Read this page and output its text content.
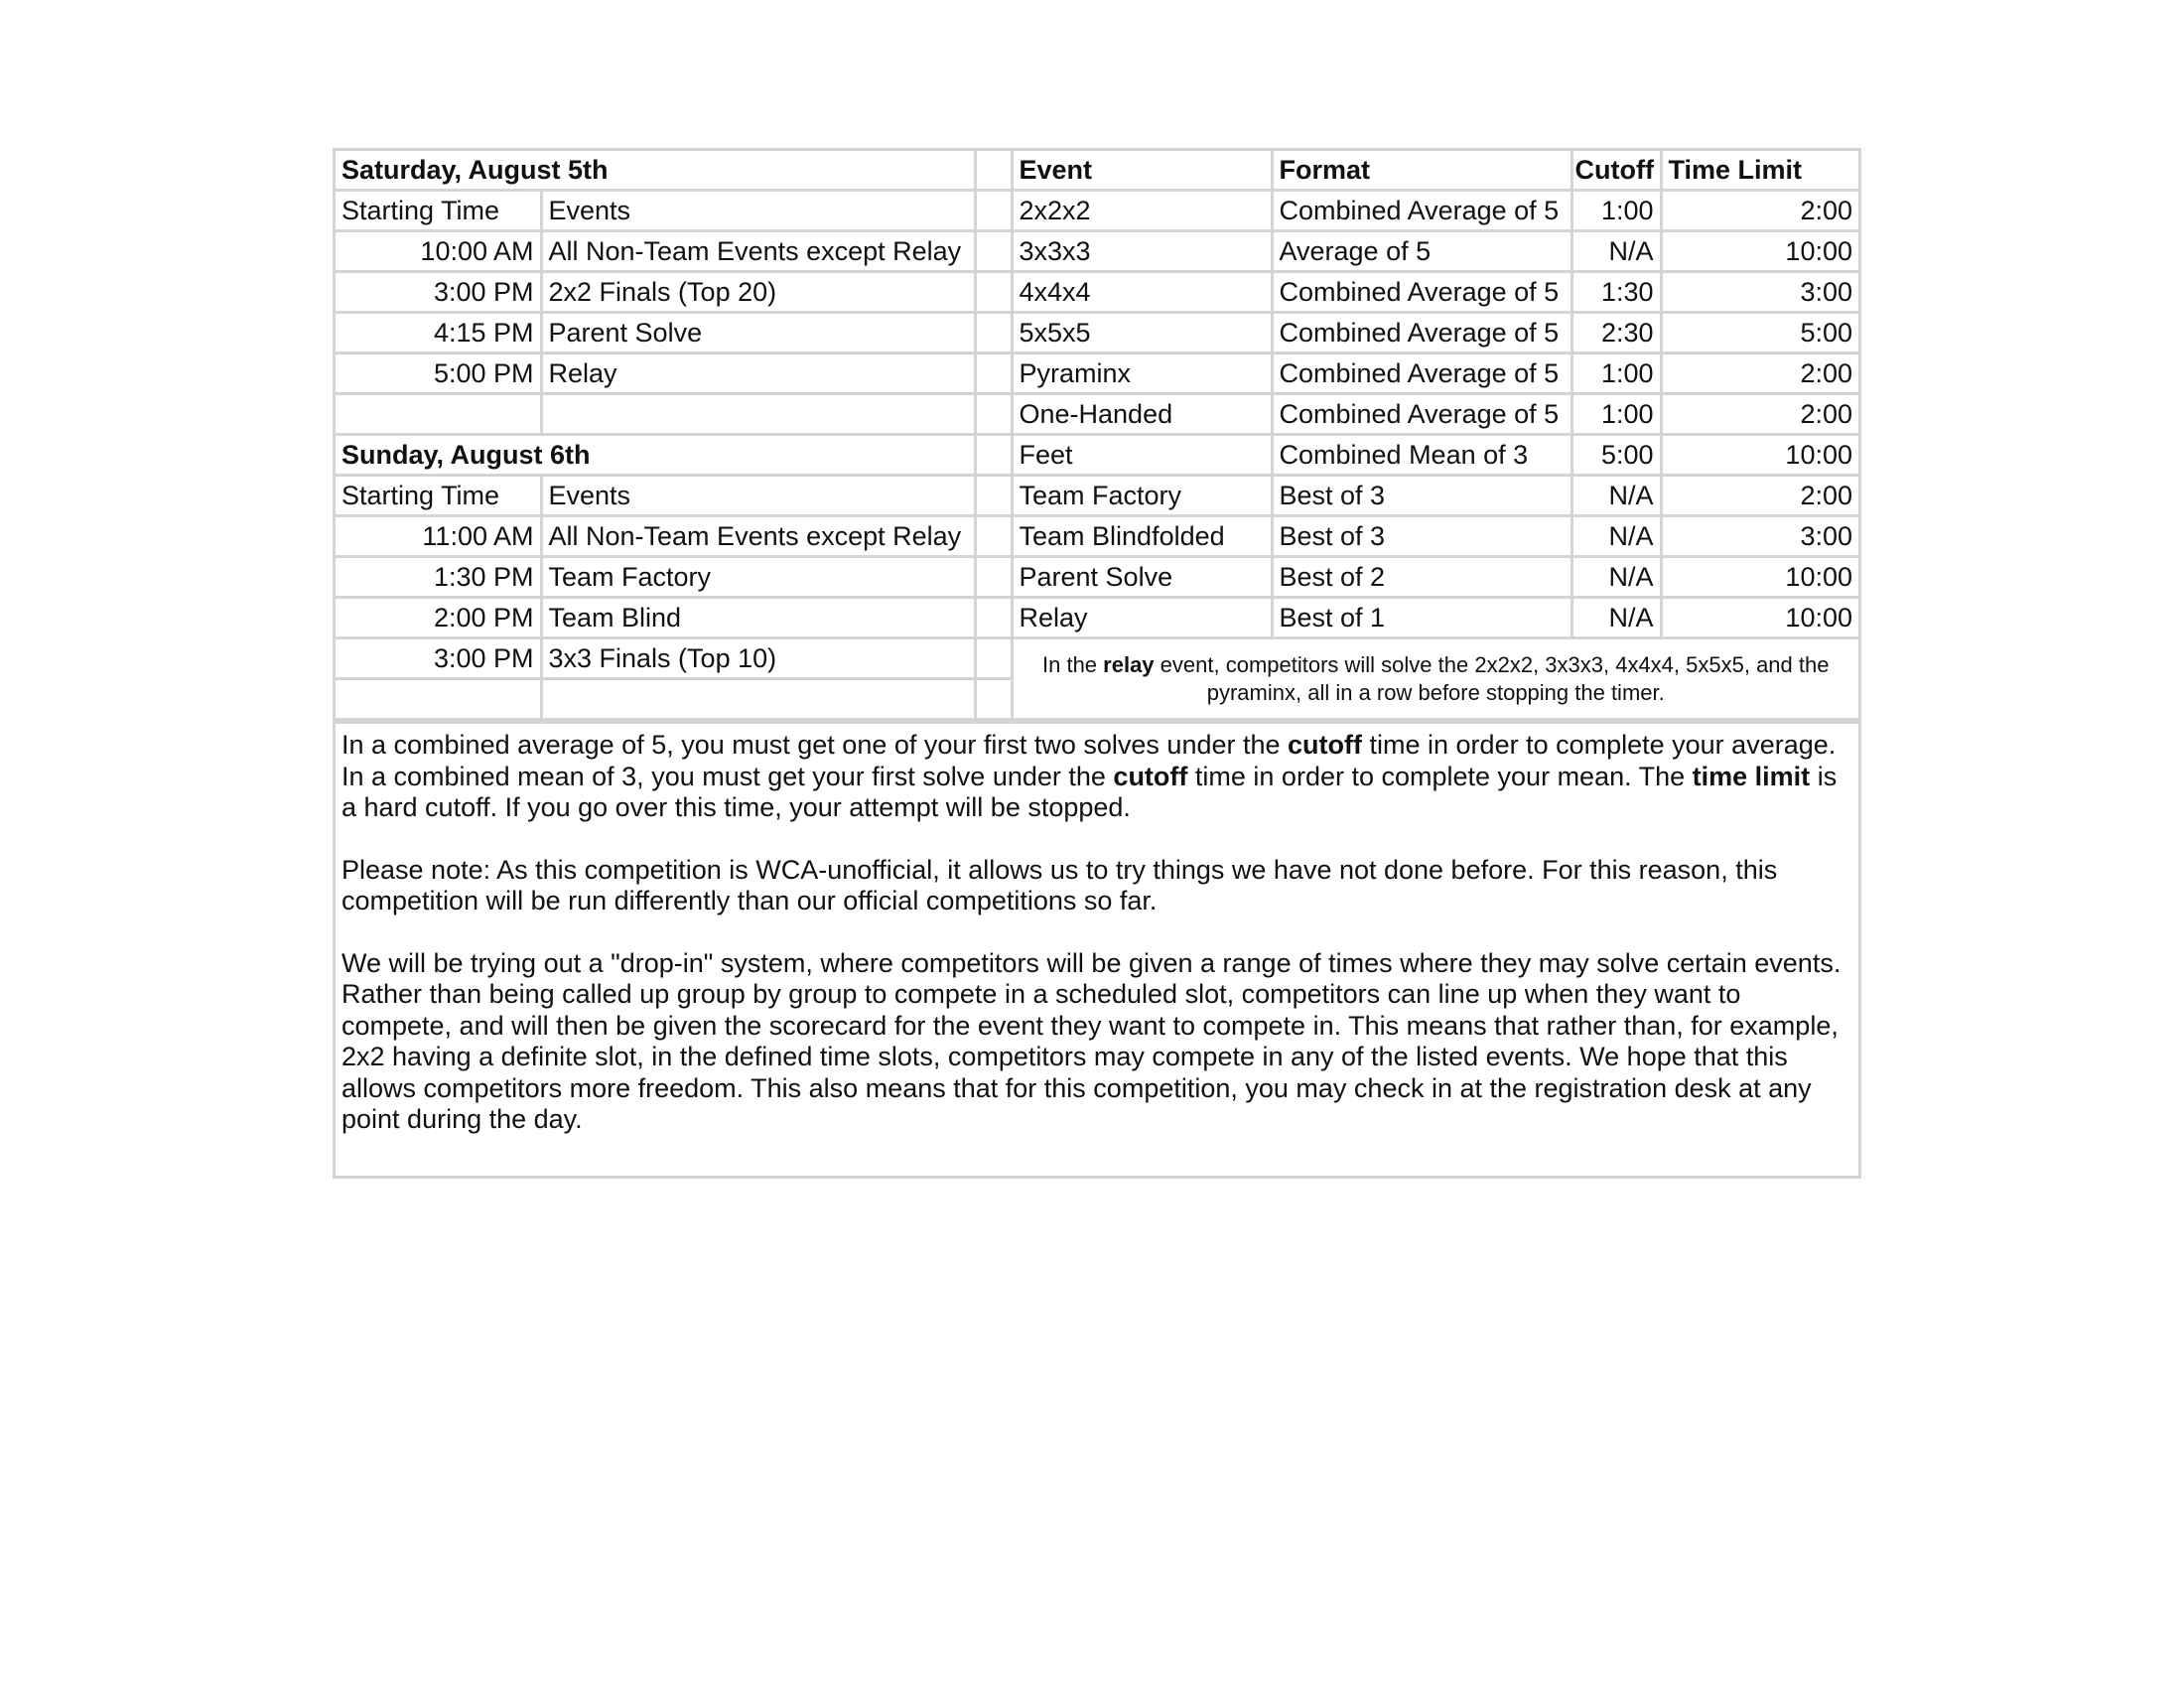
Saturday, August 5th			Event	Format	Cutoff	Time Limit
Starting Time	Events		2x2x2	Combined Average of 5	1:00	2:00
10:00 AM	All Non-Team Events except Relay		3x3x3	Average of 5	N/A	10:00
3:00 PM	2x2 Finals (Top 20)		4x4x4	Combined Average of 5	1:30	3:00
4:15 PM	Parent Solve		5x5x5	Combined Average of 5	2:30	5:00
5:00 PM	Relay		Pyraminx	Combined Average of 5	1:00	2:00
			One-Handed	Combined Average of 5	1:00	2:00
Sunday, August 6th			Feet	Combined Mean of 3	5:00	10:00
Starting Time	Events		Team Factory	Best of 3	N/A	2:00
11:00 AM	All Non-Team Events except Relay		Team Blindfolded	Best of 3	N/A	3:00
1:30 PM	Team Factory		Parent Solve	Best of 2	N/A	10:00
2:00 PM	Team Blind		Relay	Best of 1	N/A	10:00
3:00 PM	3x3 Finals (Top 10)		In the relay event, competitors will solve the 2x2x2, 3x3x3, 4x4x4, 5x5x5, and the pyraminx, all in a row before stopping the timer.			

In a combined average of 5, you must get one of your first two solves under the cutoff time in order to complete your average. In a combined mean of 3, you must get your first solve under the cutoff time in order to complete your mean. The time limit is a hard cutoff. If you go over this time, your attempt will be stopped.

Please note: As this competition is WCA-unofficial, it allows us to try things we have not done before. For this reason, this competition will be run differently than our official competitions so far.

We will be trying out a "drop-in" system, where competitors will be given a range of times where they may solve certain events. Rather than being called up group by group to compete in a scheduled slot, competitors can line up when they want to compete, and will then be given the scorecard for the event they want to compete in. This means that rather than, for example, 2x2 having a definite slot, in the defined time slots, competitors may compete in any of the listed events. We hope that this allows competitors more freedom. This also means that for this competition, you may check in at the registration desk at any point during the day.
